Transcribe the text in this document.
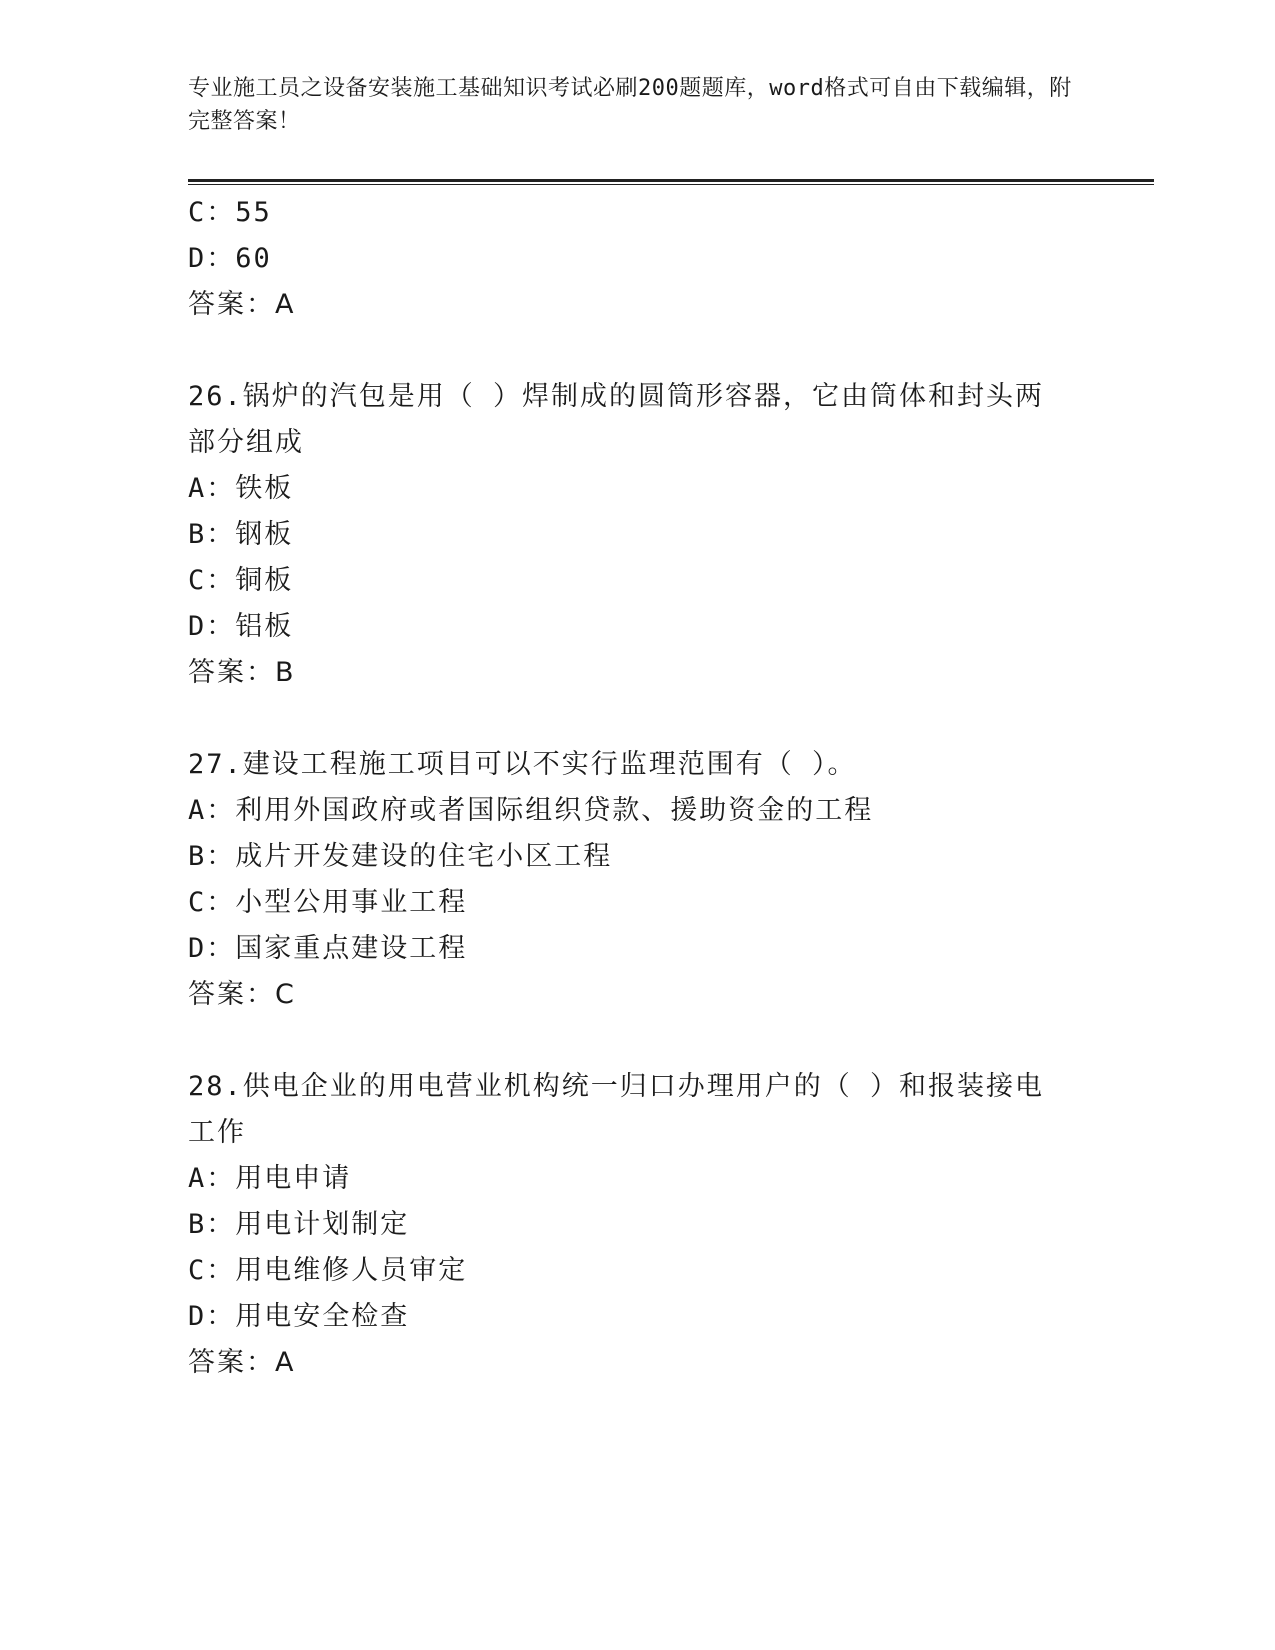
专业施工员之设备安装施工基础知识考试必刷200题题库，word格式可自由下载编辑，附完整答案！
C：55
D：60
答案：A
26.锅炉的汽包是用（ ）焊制成的圆筒形容器，它由筒体和封头两部分组成
A：铁板
B：钢板
C：铜板
D：铝板
答案：B
27.建设工程施工项目可以不实行监理范围有（ ）。
A：利用外国政府或者国际组织贷款、援助资金的工程
B：成片开发建设的住宅小区工程
C：小型公用事业工程
D：国家重点建设工程
答案：C
28.供电企业的用电营业机构统一归口办理用户的（ ）和报装接电工作
A：用电申请
B：用电计划制定
C：用电维修人员审定
D：用电安全检查
答案：A
